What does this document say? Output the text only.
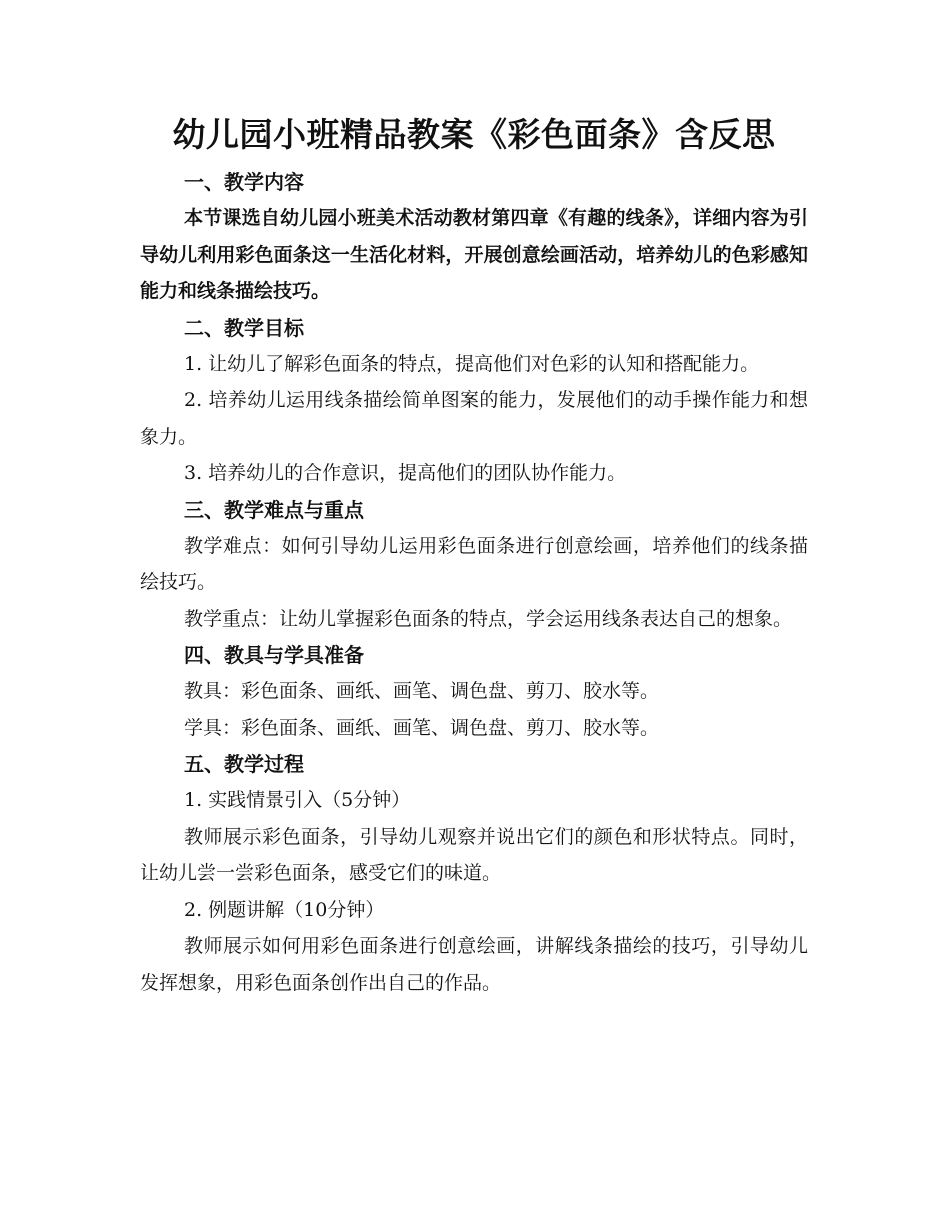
幼儿园小班精品教案《彩色面条》含反思

一、教学内容

本节课选自幼儿园小班美术活动教材第四章《有趣的线条》，详细内容为引导幼儿利用彩色面条这一生活化材料，开展创意绘画活动，培养幼儿的色彩感知能力和线条描绘技巧。

二、教学目标

1. 让幼儿了解彩色面条的特点，提高他们对色彩的认知和搭配能力。

2. 培养幼儿运用线条描绘简单图案的能力，发展他们的动手操作能力和想象力。

3. 培养幼儿的合作意识，提高他们的团队协作能力。

三、教学难点与重点

教学难点：如何引导幼儿运用彩色面条进行创意绘画，培养他们的线条描绘技巧。

教学重点：让幼儿掌握彩色面条的特点，学会运用线条表达自己的想象。

四、教具与学具准备

教具：彩色面条、画纸、画笔、调色盘、剪刀、胶水等。

学具：彩色面条、画纸、画笔、调色盘、剪刀、胶水等。

五、教学过程

1. 实践情景引入（5分钟）

教师展示彩色面条，引导幼儿观察并说出它们的颜色和形状特点。同时，让幼儿尝一尝彩色面条，感受它们的味道。

2. 例题讲解（10分钟）

教师展示如何用彩色面条进行创意绘画，讲解线条描绘的技巧，引导幼儿发挥想象，用彩色面条创作出自己的作品。
